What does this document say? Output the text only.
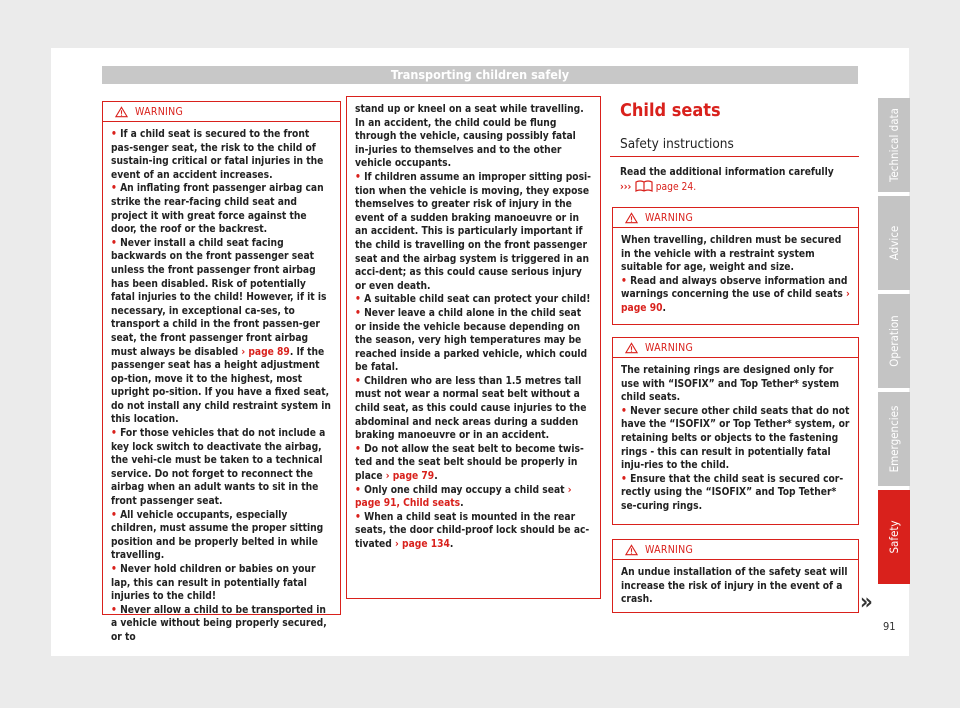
Transporting children safely
WARNING

• If a child seat is secured to the front pas-senger seat, the risk to the child of sustain-ing critical or fatal injuries in the event of an accident increases.

• An inflating front passenger airbag can strike the rear-facing child seat and project it with great force against the door, the roof or the backrest.

• Never install a child seat facing backwards on the front passenger seat unless the front passenger front airbag has been disabled. Risk of potentially fatal injuries to the child! However, if it is necessary, in exceptional ca-ses, to transport a child in the front passen-ger seat, the front passenger front airbag must always be disabled › page 89. If the passenger seat has a height adjustment op-tion, move it to the highest, most upright po-sition. If you have a fixed seat, do not install any child restraint system in this location.

• For those vehicles that do not include a key lock switch to deactivate the airbag, the vehi-cle must be taken to a technical service. Do not forget to reconnect the airbag when an adult wants to sit in the front passenger seat.

• All vehicle occupants, especially children, must assume the proper sitting position and be properly belted in while travelling.

• Never hold children or babies on your lap, this can result in potentially fatal injuries to the child!

• Never allow a child to be transported in a vehicle without being properly secured, or to

stand up or kneel on a seat while travelling. In an accident, the child could be flung through the vehicle, causing possibly fatal in-juries to themselves and to the other vehicle occupants.

• If children assume an improper sitting posi-tion when the vehicle is moving, they expose themselves to greater risk of injury in the event of a sudden braking manoeuvre or in an accident. This is particularly important if the child is travelling on the front passenger seat and the airbag system is triggered in an acci-dent; as this could cause serious injury or even death.

• A suitable child seat can protect your child!

• Never leave a child alone in the child seat or inside the vehicle because depending on the season, very high temperatures may be reached inside a parked vehicle, which could be fatal.

• Children who are less than 1.5 metres tall must not wear a normal seat belt without a child seat, as this could cause injuries to the abdominal and neck areas during a sudden braking manoeuvre or in an accident.

• Do not allow the seat belt to become twis-ted and the seat belt should be properly in place › page 79.

• Only one child may occupy a child seat › page 91, Child seats.

• When a child seat is mounted in the rear seats, the door child-proof lock should be ac-tivated › page 134.

Child seats
Safety instructions
Read the additional information carefully
››› page 24.
WARNING

When travelling, children must be secured in the vehicle with a restraint system suitable for age, weight and size.

• Read and always observe information and warnings concerning the use of child seats › page 90.

WARNING

The retaining rings are designed only for use with “ISOFIX” and Top Tether* system child seats.

• Never secure other child seats that do not have the “ISOFIX” or Top Tether* system, or retaining belts or objects to the fastening rings - this can result in potentially fatal inju-ries to the child.

• Ensure that the child seat is secured cor-rectly using the “ISOFIX” and Top Tether* se-curing rings.

WARNING

An undue installation of the safety seat will increase the risk of injury in the event of a crash.	»
Technical data
Advice
Operation
Emergencies
Safety
91
